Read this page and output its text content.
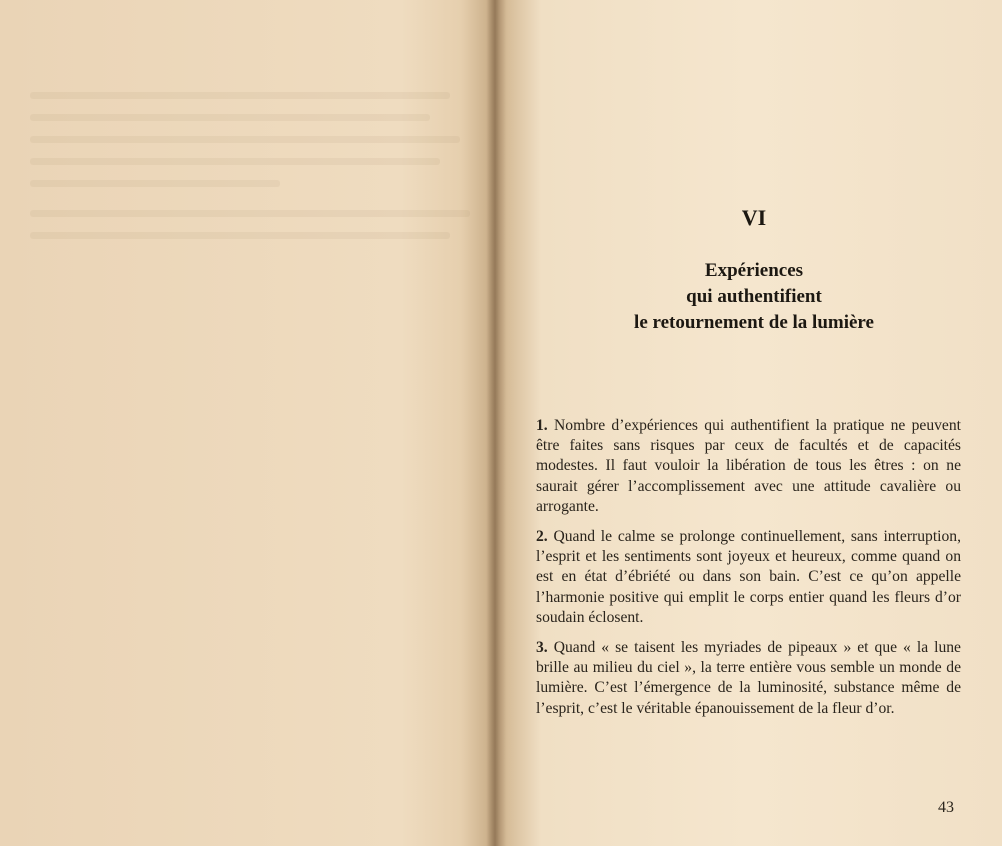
VI
Expériences
qui authentifient
le retournement de la lumière

1. Nombre d’expériences qui authentifient la pratique ne peuvent être faites sans risques par ceux de facultés et de capacités modestes. Il faut vouloir la libération de tous les êtres : on ne saurait gérer l’accomplissement avec une attitude cavalière ou arrogante.

2. Quand le calme se prolonge continuellement, sans interruption, l’esprit et les sentiments sont joyeux et heureux, comme quand on est en état d’ébriété ou dans son bain. C’est ce qu’on appelle l’harmonie positive qui emplit le corps entier quand les fleurs d’or soudain éclosent.

3. Quand « se taisent les myriades de pipeaux » et que « la lune brille au milieu du ciel », la terre entière vous semble un monde de lumière. C’est l’émergence de la luminosité, substance même de l’esprit, c’est le véritable épanouissement de la fleur d’or.

43
